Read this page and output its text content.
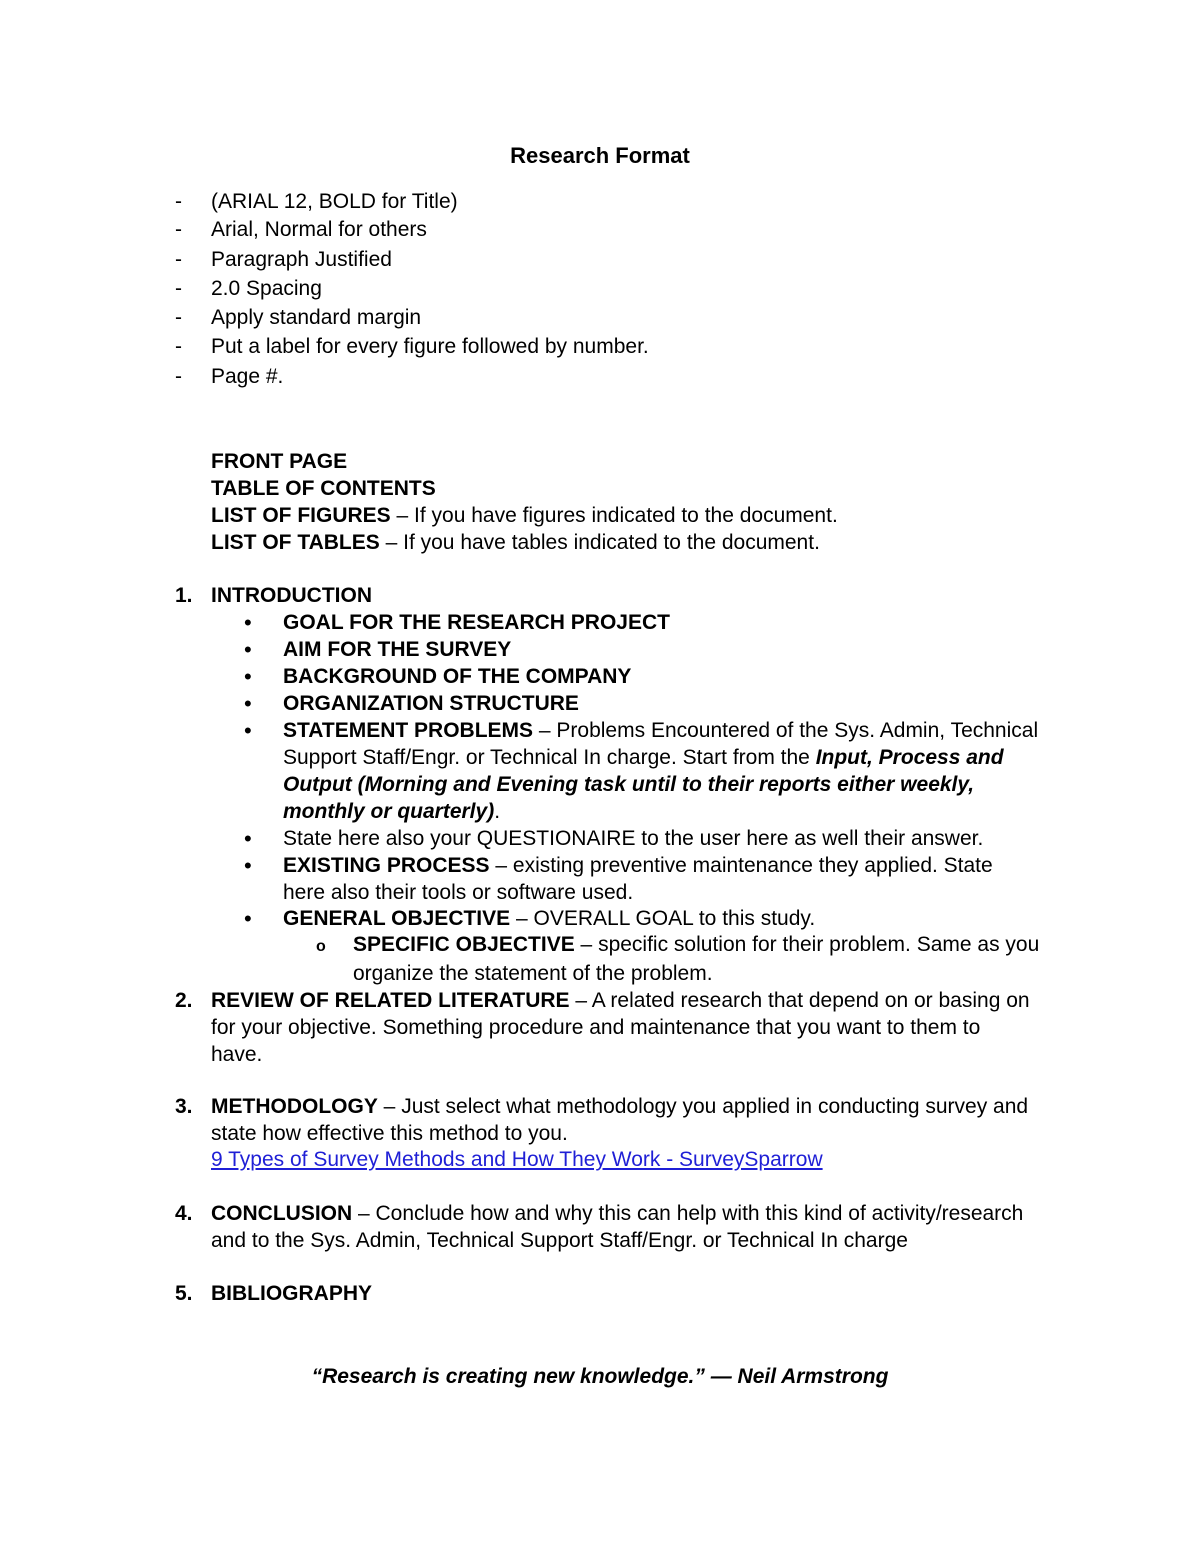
Research Format
- (ARIAL 12, BOLD for Title)
- Arial, Normal for others
- Paragraph Justified
- 2.0 Spacing
- Apply standard margin
- Put a label for every figure followed by number.
- Page #.
FRONT PAGE
TABLE OF CONTENTS
LIST OF FIGURES – If you have figures indicated to the document.
LIST OF TABLES – If you have tables indicated to the document.
1. INTRODUCTION
• GOAL FOR THE RESEARCH PROJECT
• AIM FOR THE SURVEY
• BACKGROUND OF THE COMPANY
• ORGANIZATION STRUCTURE
• STATEMENT PROBLEMS – Problems Encountered of the Sys. Admin, Technical
Support Staff/Engr. or Technical In charge. Start from the Input, Process and
Output (Morning and Evening task until to their reports either weekly,
monthly or quarterly).
• State here also your QUESTIONAIRE to the user here as well their answer.
• EXISTING PROCESS – existing preventive maintenance they applied. State
here also their tools or software used.
• GENERAL OBJECTIVE – OVERALL GOAL to this study.
o SPECIFIC OBJECTIVE – specific solution for their problem. Same as you
organize the statement of the problem.
2. REVIEW OF RELATED LITERATURE – A related research that depend on or basing on
for your objective. Something procedure and maintenance that you want to them to
have.
3. METHODOLOGY – Just select what methodology you applied in conducting survey and
state how effective this method to you.
9 Types of Survey Methods and How They Work - SurveySparrow
4. CONCLUSION – Conclude how and why this can help with this kind of activity/research
and to the Sys. Admin, Technical Support Staff/Engr. or Technical In charge
5. BIBLIOGRAPHY
“Research is creating new knowledge.” — Neil Armstrong
